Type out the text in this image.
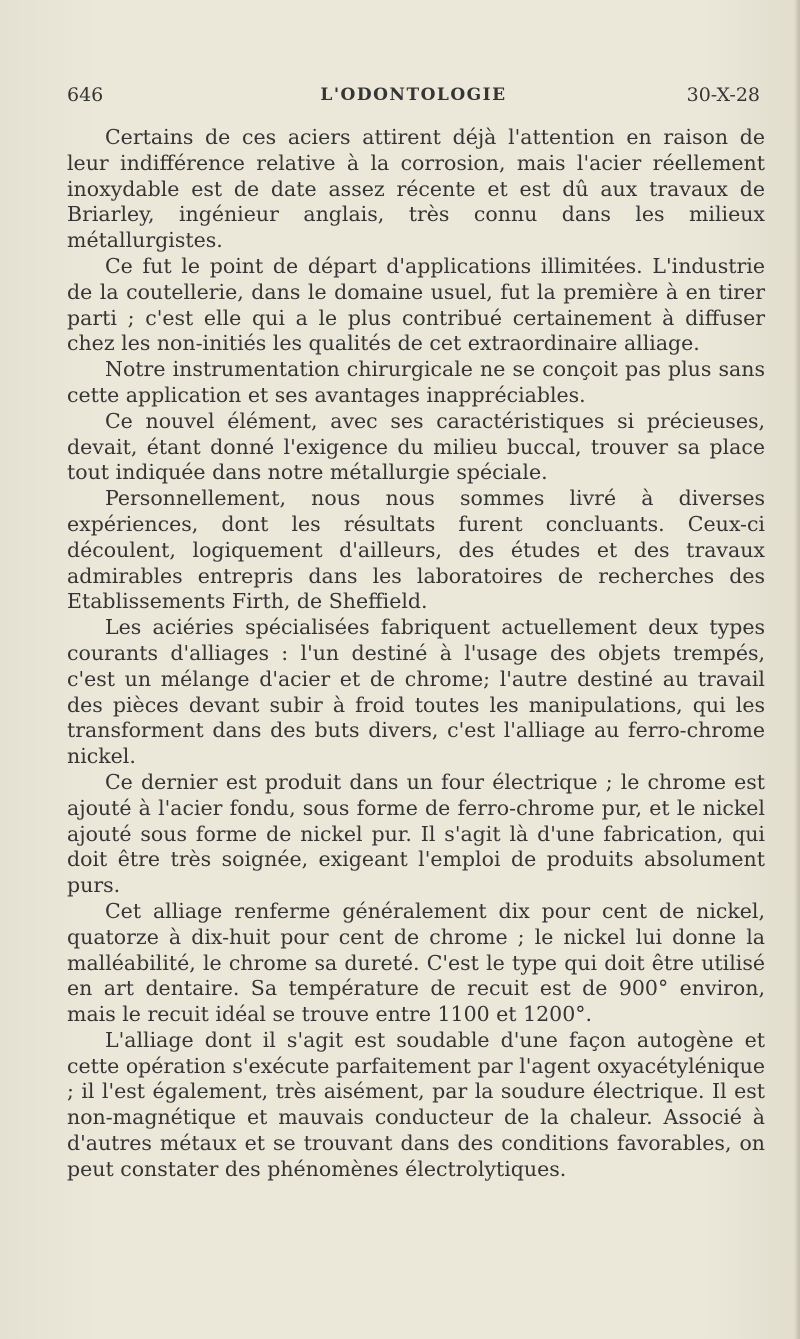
646	L'ODONTOLOGIE	30-X-28

Certains de ces aciers attirent déjà l'attention en raison de leur indifférence relative à la corrosion, mais l'acier réellement inoxydable est de date assez récente et est dû aux travaux de Briarley, ingénieur anglais, très connu dans les milieux métallurgistes.

Ce fut le point de départ d'applications illimitées. L'industrie de la coutellerie, dans le domaine usuel, fut la première à en tirer parti ; c'est elle qui a le plus contribué certainement à diffuser chez les non-initiés les qualités de cet extraordinaire alliage.

Notre instrumentation chirurgicale ne se conçoit pas plus sans cette application et ses avantages inappréciables.

Ce nouvel élément, avec ses caractéristiques si précieuses, devait, étant donné l'exigence du milieu buccal, trouver sa place tout indiquée dans notre métallurgie spéciale.

Personnellement, nous nous sommes livré à diverses expériences, dont les résultats furent concluants. Ceux-ci découlent, logiquement d'ailleurs, des études et des travaux admirables entrepris dans les laboratoires de recherches des Etablissements Firth, de Sheffield.

Les aciéries spécialisées fabriquent actuellement deux types courants d'alliages : l'un destiné à l'usage des objets trempés, c'est un mélange d'acier et de chrome; l'autre destiné au travail des pièces devant subir à froid toutes les manipulations, qui les transforment dans des buts divers, c'est l'alliage au ferro-chrome nickel.

Ce dernier est produit dans un four électrique ; le chrome est ajouté à l'acier fondu, sous forme de ferro-chrome pur, et le nickel ajouté sous forme de nickel pur. Il s'agit là d'une fabrication, qui doit être très soignée, exigeant l'emploi de produits absolument purs.

Cet alliage renferme généralement dix pour cent de nickel, quatorze à dix-huit pour cent de chrome ; le nickel lui donne la malléabilité, le chrome sa dureté. C'est le type qui doit être utilisé en art dentaire. Sa température de recuit est de 900° environ, mais le recuit idéal se trouve entre 1100 et 1200°.

L'alliage dont il s'agit est soudable d'une façon autogène et cette opération s'exécute parfaitement par l'agent oxyacétylénique ; il l'est également, très aisément, par la soudure électrique. Il est non-magnétique et mauvais conducteur de la chaleur. Associé à d'autres métaux et se trouvant dans des conditions favorables, on peut constater des phénomènes électrolytiques.
